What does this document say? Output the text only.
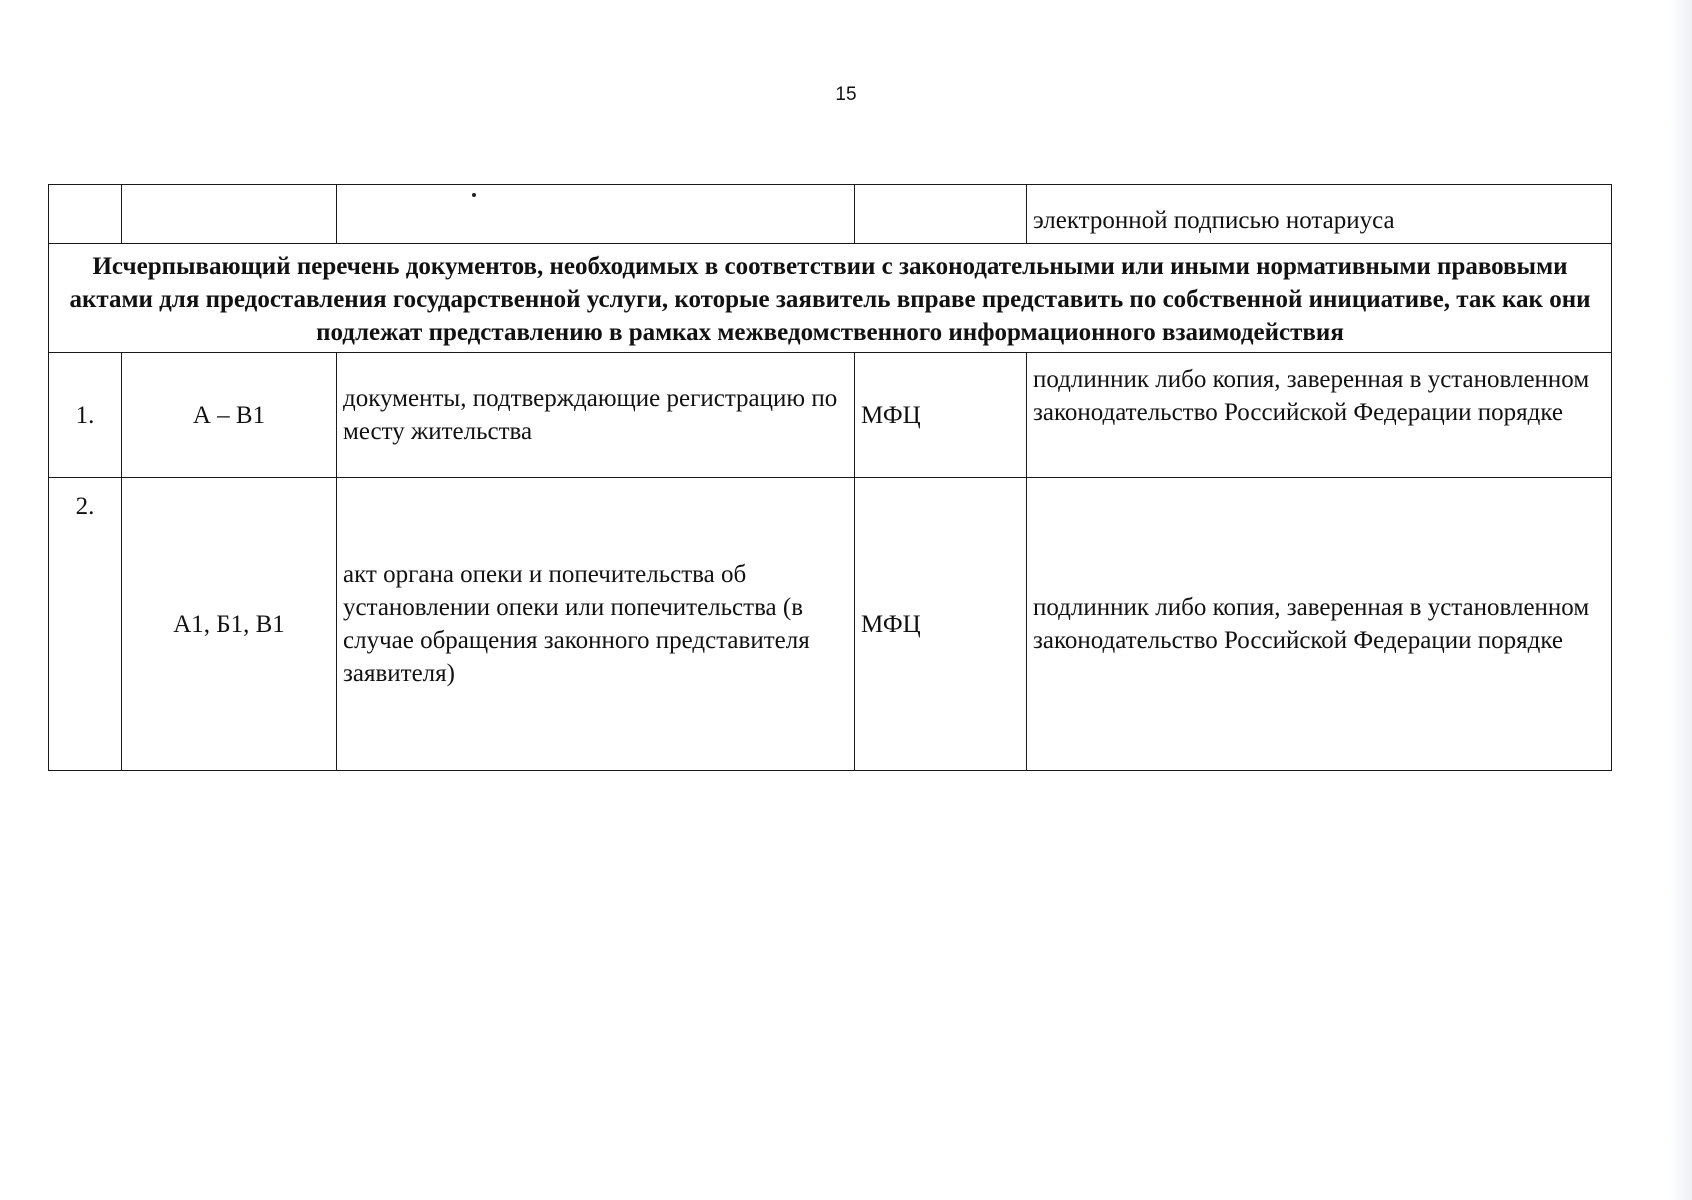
15
				электронной подписью нотариуса
Исчерпывающий перечень документов, необходимых в соответствии с законодательными или иными нормативными правовыми актами для предоставления государственной услуги, которые заявитель вправе представить по собственной инициативе, так как они подлежат представлению в рамках межведомственного информационного взаимодействия				
1.	А – В1	документы, подтверждающие регистрацию по месту жительства	МФЦ	подлинник либо копия, заверенная в установленном законодательство Российской Федерации порядке
2.	А1, Б1, В1	акт органа опеки и попечительства об установлении опеки или попечительства (в случае обращения законного представителя заявителя)	МФЦ	подлинник либо копия, заверенная в установленном законодательство Российской Федерации порядке
